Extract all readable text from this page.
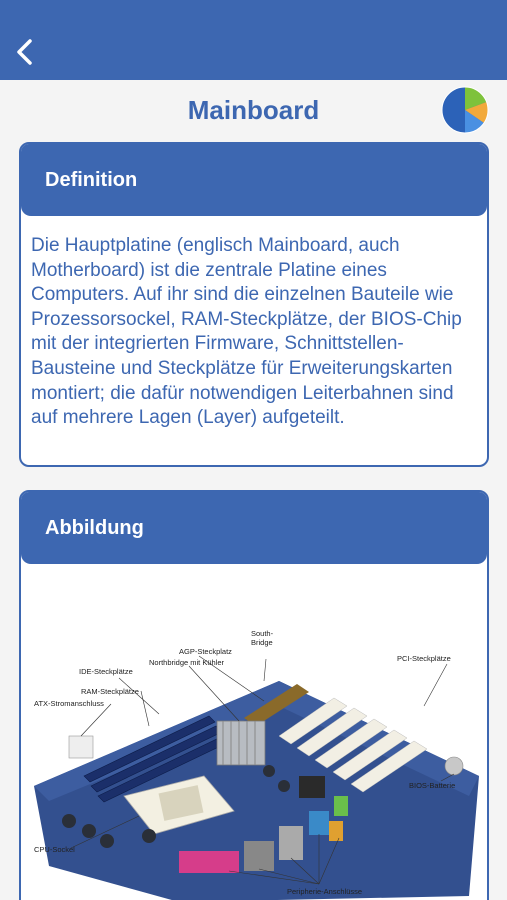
Mainboard
Definition
Die Hauptplatine (englisch Mainboard, auch Motherboard) ist die zentrale Platine eines Computers. Auf ihr sind die einzelnen Bauteile wie Prozessorsockel, RAM-Steckplätze, der BIOS-Chip mit der integrierten Firmware, Schnittstellen-Bausteine und Steckplätze für Erweiterungskarten montiert; die dafür notwendigen Leiterbahnen sind auf mehrere Lagen (Layer) aufgeteilt.
Abbildung
South-Bridge
AGP-Steckplatz
Northbridge mit Kühler
IDE-Steckplätze
RAM-Steckplätze
ATX-Stromanschluss
PCI-Steckplätze
BIOS-Batterie
CPU-Sockel
Peripherie-Anschlüsse
